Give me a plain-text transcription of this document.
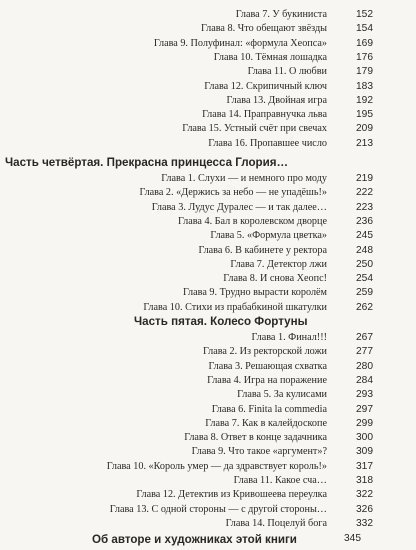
Глава 7. У букиниста	152
Глава 8. Что обещают звёзды	154
Глава 9. Полуфинал: «формула Хеопса»	169
Глава 10. Тёмная лошадка	176
Глава 11. О любви	179
Глава 12. Скрипичный ключ	183
Глава 13. Двойная игра	192
Глава 14. Праправнучка льва	195
Глава 15. Устный счёт при свечах	209
Глава 16. Пропавшее число	213
Часть четвёртая. Прекрасна принцесса Глория…
Глава 1. Слухи — и немного про моду	219
Глава 2. «Держись за небо — не упадёшь!»	222
Глава 3. Лудус Дуралес — и так далее…	223
Глава 4. Бал в королевском дворце	236
Глава 5. «Формула цветка»	245
Глава 6. В кабинете у ректора	248
Глава 7. Детектор лжи	250
Глава 8. И снова Хеопс!	254
Глава 9. Трудно вырасти королём	259
Глава 10. Стихи из прабабкиной шкатулки	262
Часть пятая. Колесо Фортуны
Глава 1. Финал!!!	267
Глава 2. Из ректорской ложи	277
Глава 3. Решающая схватка	280
Глава 4. Игра на поражение	284
Глава 5. За кулисами	293
Глава 6. Finita la commedia	297
Глава 7. Как в калейдоскопе	299
Глава 8. Ответ в конце задачника	300
Глава 9. Что такое «аргумент»?	309
Глава 10. «Король умер — да здравствует король!»	317
Глава 11. Какое сча…	318
Глава 12. Детектив из Кривошеева переулка	322
Глава 13. С одной стороны — с другой стороны…	326
Глава 14. Поцелуй бога	332
Об авторе и художниках этой книги	345
